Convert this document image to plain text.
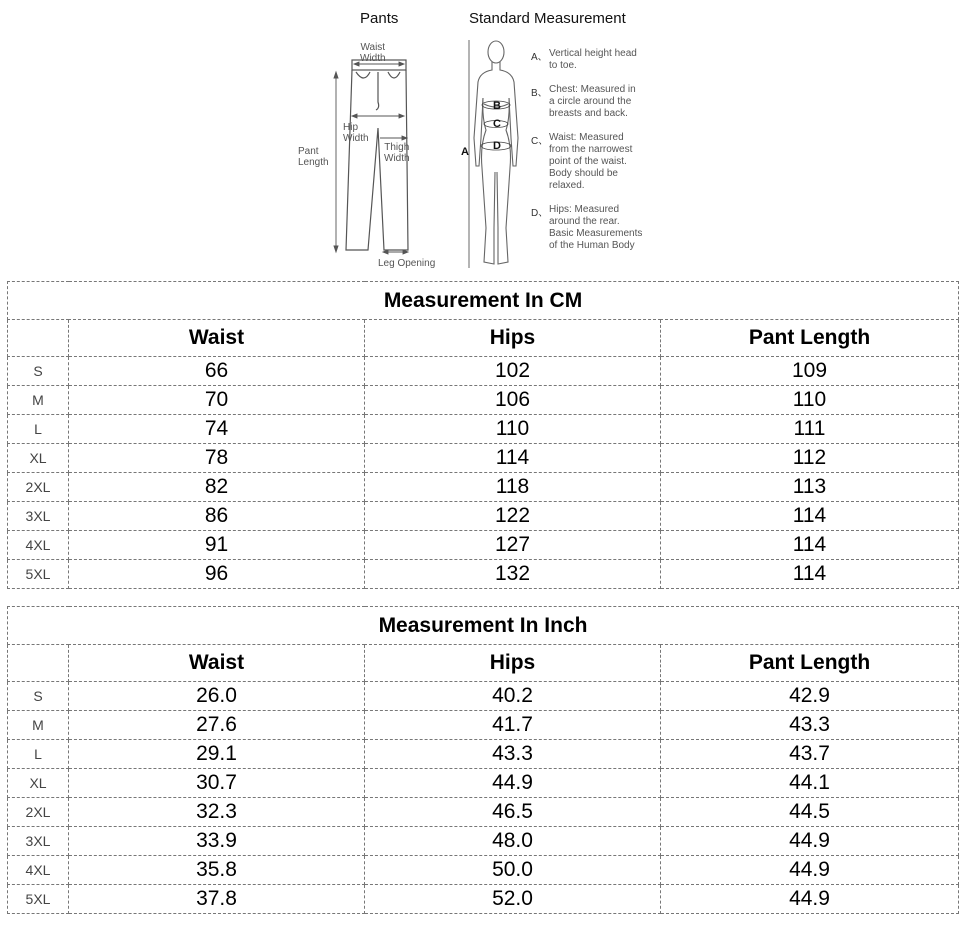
Pants	Standard Measurement
Waist
Width
Hip
Width
Thigh
Width
Pant
Length
Leg Opening
A
B
C
D
A、 Vertical height head
to toe.
B、 Chest: Measured in
a circle around the
breasts and back.
C、 Waist: Measured
from the narrowest
point of the waist.
Body should be
relaxed.
D、 Hips: Measured
around the rear.
Basic Measurements
of the Human Body
Measurement In CM			
	Waist	Hips	Pant Length
S	66	102	109
M	70	106	110
L	74	110	111
XL	78	114	112
2XL	82	118	113
3XL	86	122	114
4XL	91	127	114
5XL	96	132	114
Measurement In Inch			
	Waist	Hips	Pant Length
S	26.0	40.2	42.9
M	27.6	41.7	43.3
L	29.1	43.3	43.7
XL	30.7	44.9	44.1
2XL	32.3	46.5	44.5
3XL	33.9	48.0	44.9
4XL	35.8	50.0	44.9
5XL	37.8	52.0	44.9
